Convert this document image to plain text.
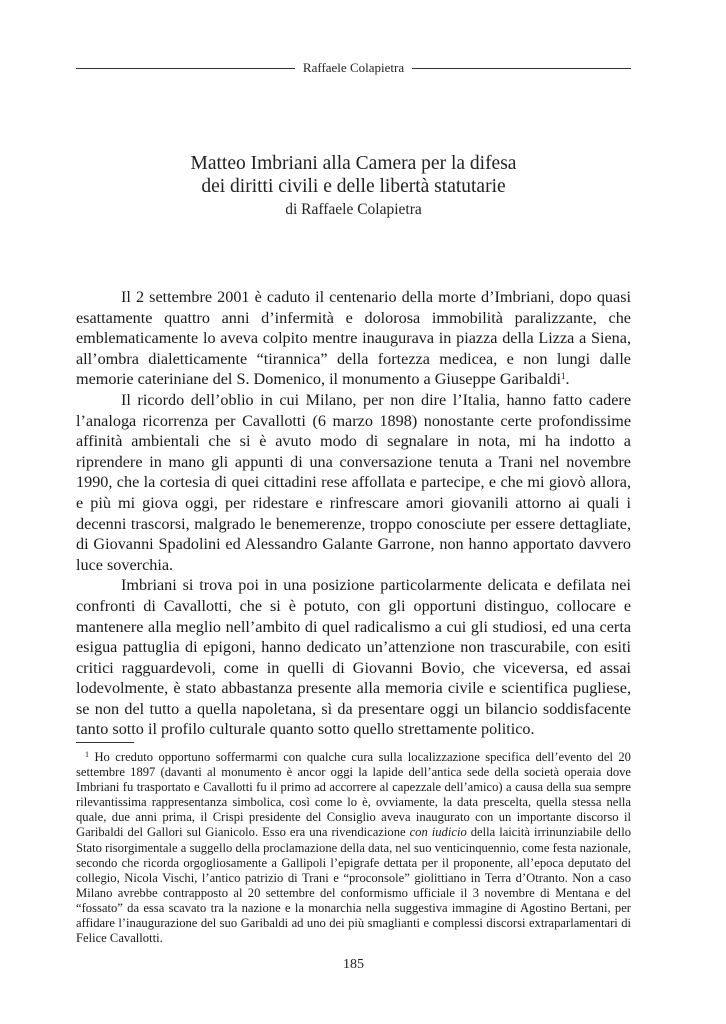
Raffaele Colapietra
Matteo Imbriani alla Camera per la difesa
dei diritti civili e delle libertà statutarie
di Raffaele Colapietra

Il 2 settembre 2001 è caduto il centenario della morte d’Imbriani, dopo quasi esattamente quattro anni d’infermità e dolorosa immobilità paralizzante, che emblematicamente lo aveva colpito mentre inaugurava in piazza della Lizza a Siena, all’ombra dialetticamente “tirannica” della fortezza medicea, e non lungi dalle memorie cateriniane del S. Domenico, il monumento a Giuseppe Garibaldi$^1$.

Il ricordo dell’oblio in cui Milano, per non dire l’Italia, hanno fatto cadere l’analoga ricorrenza per Cavallotti (6 marzo 1898) nonostante certe profondissime affinità ambientali che si è avuto modo di segnalare in nota, mi ha indotto a riprendere in mano gli appunti di una conversazione tenuta a Trani nel novembre 1990, che la cortesia di quei cittadini rese affollata e partecipe, e che mi giovò allora, e più mi giova oggi, per ridestare e rinfrescare amori giovanili attorno ai quali i decenni trascorsi, malgrado le benemerenze, troppo conosciute per essere dettagliate, di Giovanni Spadolini ed Alessandro Galante Garrone, non hanno apportato davvero luce soverchia.

Imbriani si trova poi in una posizione particolarmente delicata e defilata nei confronti di Cavallotti, che si è potuto, con gli opportuni distinguo, collocare e mantenere alla meglio nell’ambito di quel radicalismo a cui gli studiosi, ed una certa esigua pattuglia di epigoni, hanno dedicato un’attenzione non trascurabile, con esiti critici ragguardevoli, come in quelli di Giovanni Bovio, che viceversa, ed assai lodevolmente, è stato abbastanza presente alla memoria civile e scientifica pugliese, se non del tutto a quella napoletana, sì da presentare oggi un bilancio soddisfacente tanto sotto il profilo culturale quanto sotto quello strettamente politico.

$^1$ Ho creduto opportuno soffermarmi con qualche cura sulla localizzazione specifica dell’evento del 20 settembre 1897 (davanti al monumento è ancor oggi la lapide dell’antica sede della società operaia dove Imbriani fu trasportato e Cavallotti fu il primo ad accorrere al capezzale dell’amico) a causa della sua sempre rilevantissima rappresentanza simbolica, così come lo è, ovviamente, la data prescelta, quella stessa nella quale, due anni prima, il Crispi presidente del Consiglio aveva inaugurato con un importante discorso il Garibaldi del Gallori sul Gianicolo. Esso era una rivendicazione con iudicio della laicità irrinunziabile dello Stato risorgimentale a suggello della proclamazione della data, nel suo venticinquennio, come festa nazionale, secondo che ricorda orgogliosamente a Gallipoli l’epigrafe dettata per il proponente, all’epoca deputato del collegio, Nicola Vischi, l’antico patrizio di Trani e “proconsole” giolittiano in Terra d’Otranto. Non a caso Milano avrebbe contrapposto al 20 settembre del conformismo ufficiale il 3 novembre di Mentana e del “fossato” da essa scavato tra la nazione e la monarchia nella suggestiva immagine di Agostino Bertani, per affidare l’inaugurazione del suo Garibaldi ad uno dei più smaglianti e complessi discorsi extraparlamentari di Felice Cavallotti.

185
